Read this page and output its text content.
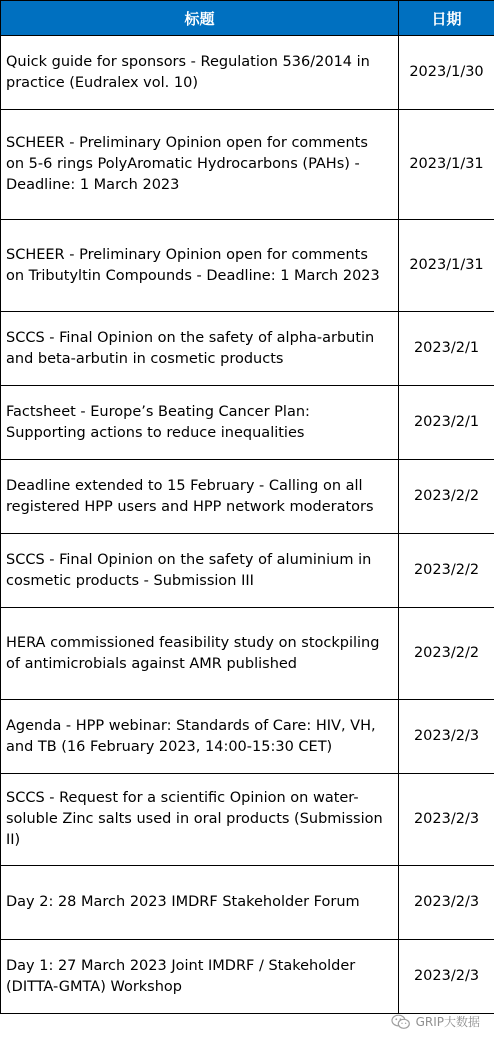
标题	日期
Quick guide for sponsors - Regulation 536/2014 in practice (Eudralex vol. 10)	2023/1/30
SCHEER - Preliminary Opinion open for comments on 5-6 rings PolyAromatic Hydrocarbons (PAHs) - Deadline: 1 March 2023	2023/1/31
SCHEER - Preliminary Opinion open for comments on Tributyltin Compounds - Deadline: 1 March 2023	2023/1/31
SCCS - Final Opinion on the safety of alpha-arbutin and beta-arbutin in cosmetic products	2023/2/1
Factsheet - Europe’s Beating Cancer Plan: Supporting actions to reduce inequalities	2023/2/1
Deadline extended to 15 February - Calling on all registered HPP users and HPP network moderators	2023/2/2
SCCS - Final Opinion on the safety of aluminium in cosmetic products - Submission III	2023/2/2
HERA commissioned feasibility study on stockpiling of antimicrobials against AMR published	2023/2/2
Agenda - HPP webinar: Standards of Care: HIV, VH, and TB (16 February 2023, 14:00-15:30 CET)	2023/2/3
SCCS - Request for a scientific Opinion on water-soluble Zinc salts used in oral products (Submission II)	2023/2/3
Day 2: 28 March 2023 IMDRF Stakeholder Forum	2023/2/3
Day 1: 27 March 2023 Joint IMDRF / Stakeholder (DITTA-GMTA) Workshop	2023/2/3
GRIP大数据
